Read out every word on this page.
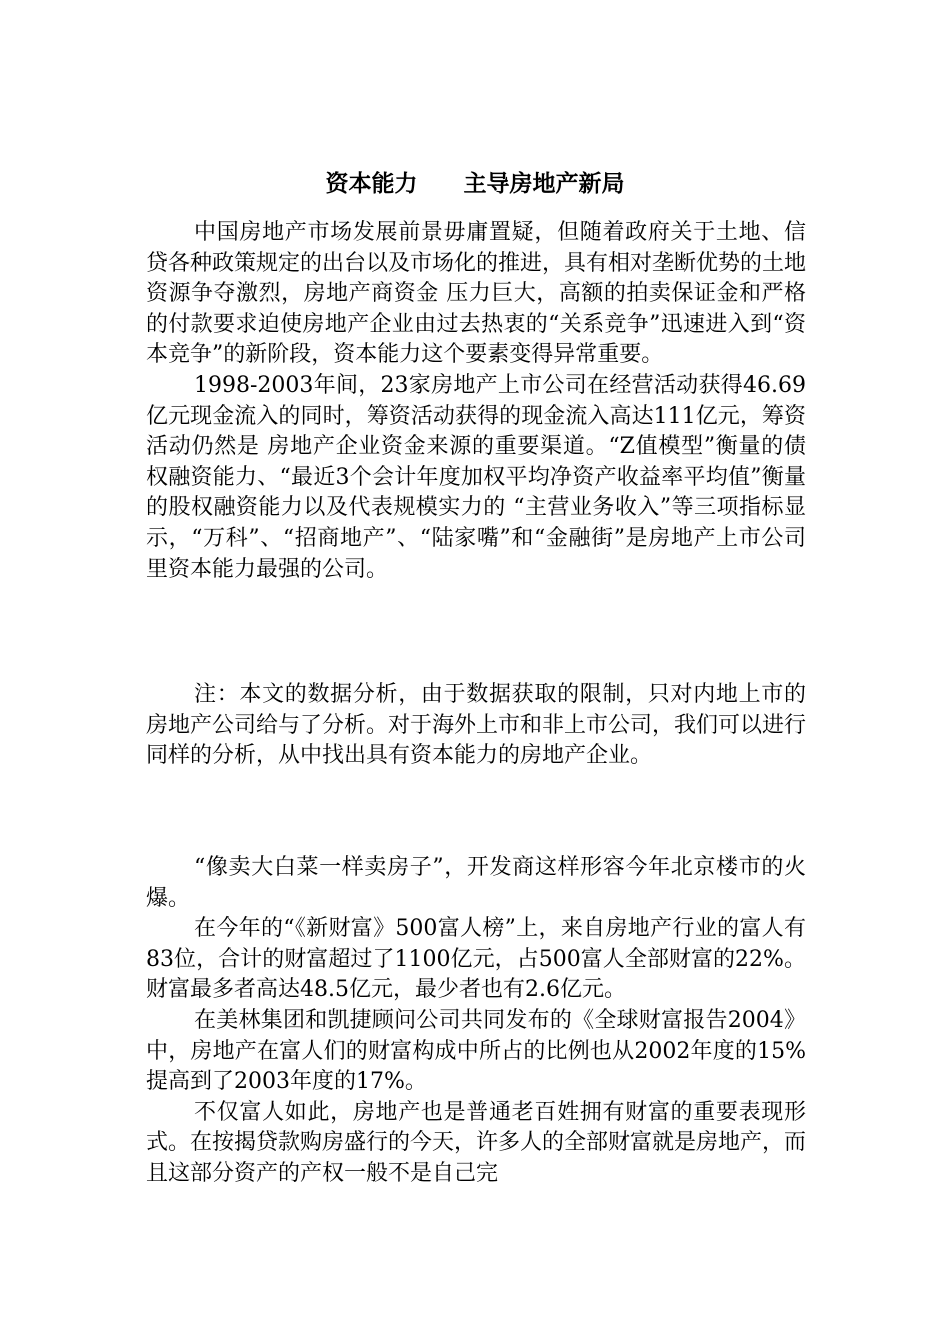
资本能力　　主导房地产新局

中国房地产市场发展前景毋庸置疑，但随着政府关于土地、信贷各种政策规定的出台以及市场化的推进，具有相对垄断优势的土地资源争夺激烈，房地产商资金 压力巨大，高额的拍卖保证金和严格的付款要求迫使房地产企业由过去热衷的“关系竞争”迅速进入到“资本竞争”的新阶段，资本能力这个要素变得异常重要。

1998-2003年间，23家房地产上市公司在经营活动获得46.69亿元现金流入的同时，筹资活动获得的现金流入高达111亿元，筹资活动仍然是 房地产企业资金来源的重要渠道。“Z值模型”衡量的债权融资能力、“最近3个会计年度加权平均净资产收益率平均值”衡量的股权融资能力以及代表规模实力的 “主营业务收入”等三项指标显示，“万科”、“招商地产”、“陆家嘴”和“金融街”是房地产上市公司里资本能力最强的公司。

注：本文的数据分析，由于数据获取的限制，只对内地上市的房地产公司给与了分析。对于海外上市和非上市公司，我们可以进行同样的分析，从中找出具有资本能力的房地产企业。

“像卖大白菜一样卖房子”，开发商这样形容今年北京楼市的火爆。

在今年的“《新财富》500富人榜”上，来自房地产行业的富人有83位，合计的财富超过了1100亿元，占500富人全部财富的22%。财富最多者高达48.5亿元，最少者也有2.6亿元。

在美林集团和凯捷顾问公司共同发布的《全球财富报告2004》中，房地产在富人们的财富构成中所占的比例也从2002年度的15%提高到了2003年度的17%。

不仅富人如此，房地产也是普通老百姓拥有财富的重要表现形式。在按揭贷款购房盛行的今天，许多人的全部财富就是房地产，而且这部分资产的产权一般不是自己完
